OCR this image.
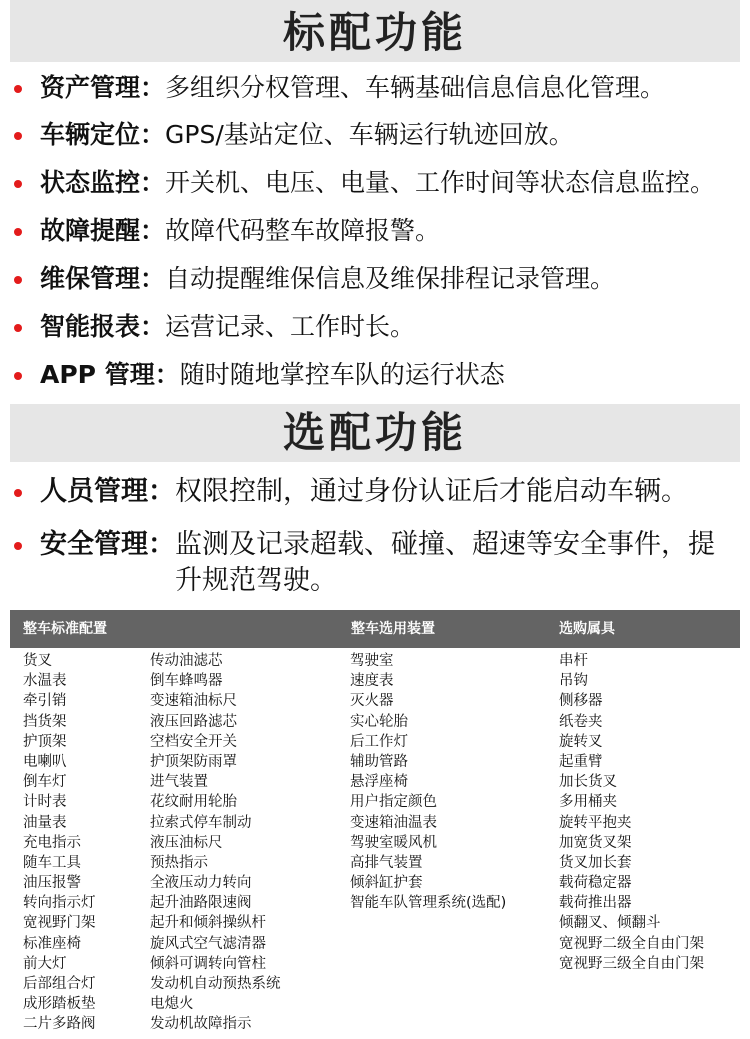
标配功能
资产管理 ： 多组织分权管理、车辆基础信息信息化管理。
车辆定位 ： GPS/基站定位、车辆运行轨迹回放。
状态监控 ： 开关机、电压、电量、工作时间等状态信息监控。
故障提醒 ： 故障代码整车故障报警。
维保管理 ： 自动提醒维保信息及维保排程记录管理。
智能报表 ： 运营记录、工作时长。
APP 管理 ： 随时随地掌控车队的运行状态
选配功能
人员管理 ： 权限控制，通过身份认证后才能启动车辆。
安全管理 ： 监测及记录超载、碰撞、超速等安全事件，提升规范驾驶。
整车标准配置	整车选用装置	选购属具
货叉
水温表
牵引销
挡货架
护顶架
电喇叭
倒车灯
计时表
油量表
充电指示
随车工具
油压报警
转向指示灯
宽视野门架
标准座椅
前大灯
后部组合灯
成形踏板垫
二片多路阀
传动油滤芯
倒车蜂鸣器
变速箱油标尺
液压回路滤芯
空档安全开关
护顶架防雨罩
进气装置
花纹耐用轮胎
拉索式停车制动
液压油标尺
预热指示
全液压动力转向
起升油路限速阀
起升和倾斜操纵杆
旋风式空气滤清器
倾斜可调转向管柱
发动机自动预热系统
电熄火
发动机故障指示
驾驶室
速度表
灭火器
实心轮胎
后工作灯
辅助管路
悬浮座椅
用户指定颜色
变速箱油温表
驾驶室暖风机
高排气装置
倾斜缸护套
智能车队管理系统(选配)
串杆
吊钩
侧移器
纸卷夹
旋转叉
起重臂
加长货叉
多用桶夹
旋转平抱夹
加宽货叉架
货叉加长套
载荷稳定器
载荷推出器
倾翻叉、倾翻斗
宽视野二级全自由门架
宽视野三级全自由门架
